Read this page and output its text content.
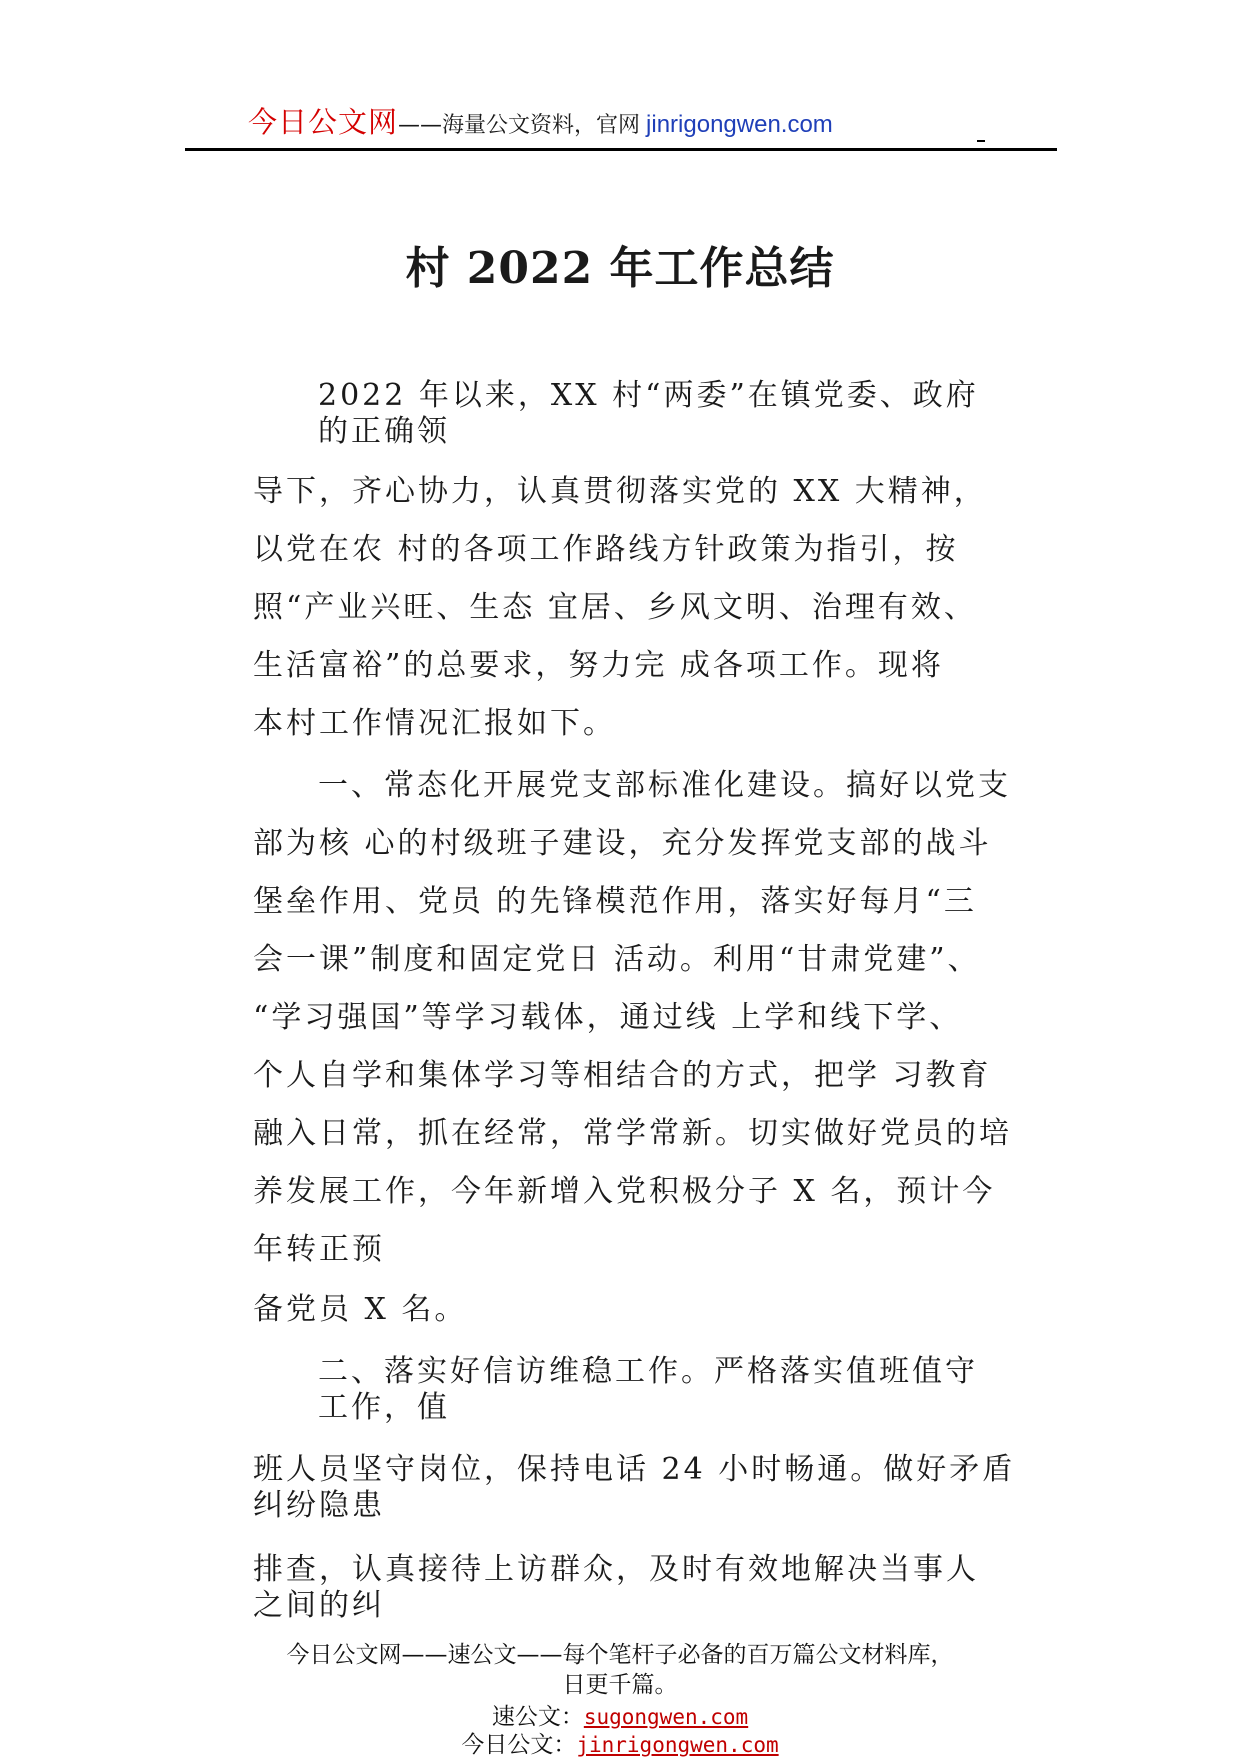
今日公文网——海量公文资料，官网 jinrigongwen.com
村 2022 年工作总结
2022 年以来，XX 村“两委”在镇党委、政府
的正确领
导下，齐心协力，认真贯彻落实党的 XX 大精神，
以党在农 村的各项工作路线方针政策为指引，按
照“产业兴旺、生态 宜居、乡风文明、治理有效、
生活富裕”的总要求，努力完 成各项工作。现将
本村工作情况汇报如下。
一、常态化开展党支部标准化建设。搞好以党支
部为核 心的村级班子建设，充分发挥党支部的战斗
堡垒作用、党员 的先锋模范作用，落实好每月“三
会一课”制度和固定党日 活动。利用“甘肃党建”、
“学习强国”等学习载体，通过线 上学和线下学、
个人自学和集体学习等相结合的方式，把学 习教育
融入日常，抓在经常，常学常新。切实做好党员的培
养发展工作，今年新增入党积极分子 X 名，预计今
年转正预
备党员 X 名。
二、落实好信访维稳工作。严格落实值班值守
工作，值
班人员坚守岗位，保持电话 24 小时畅通。做好矛盾
纠纷隐患
排查，认真接待上访群众，及时有效地解决当事人
之间的纠
今日公文网——速公文——每个笔杆子必备的百万篇公文材料库，
日更千篇。
速公文：sugongwen.com
今日公文：jinrigongwen.com
